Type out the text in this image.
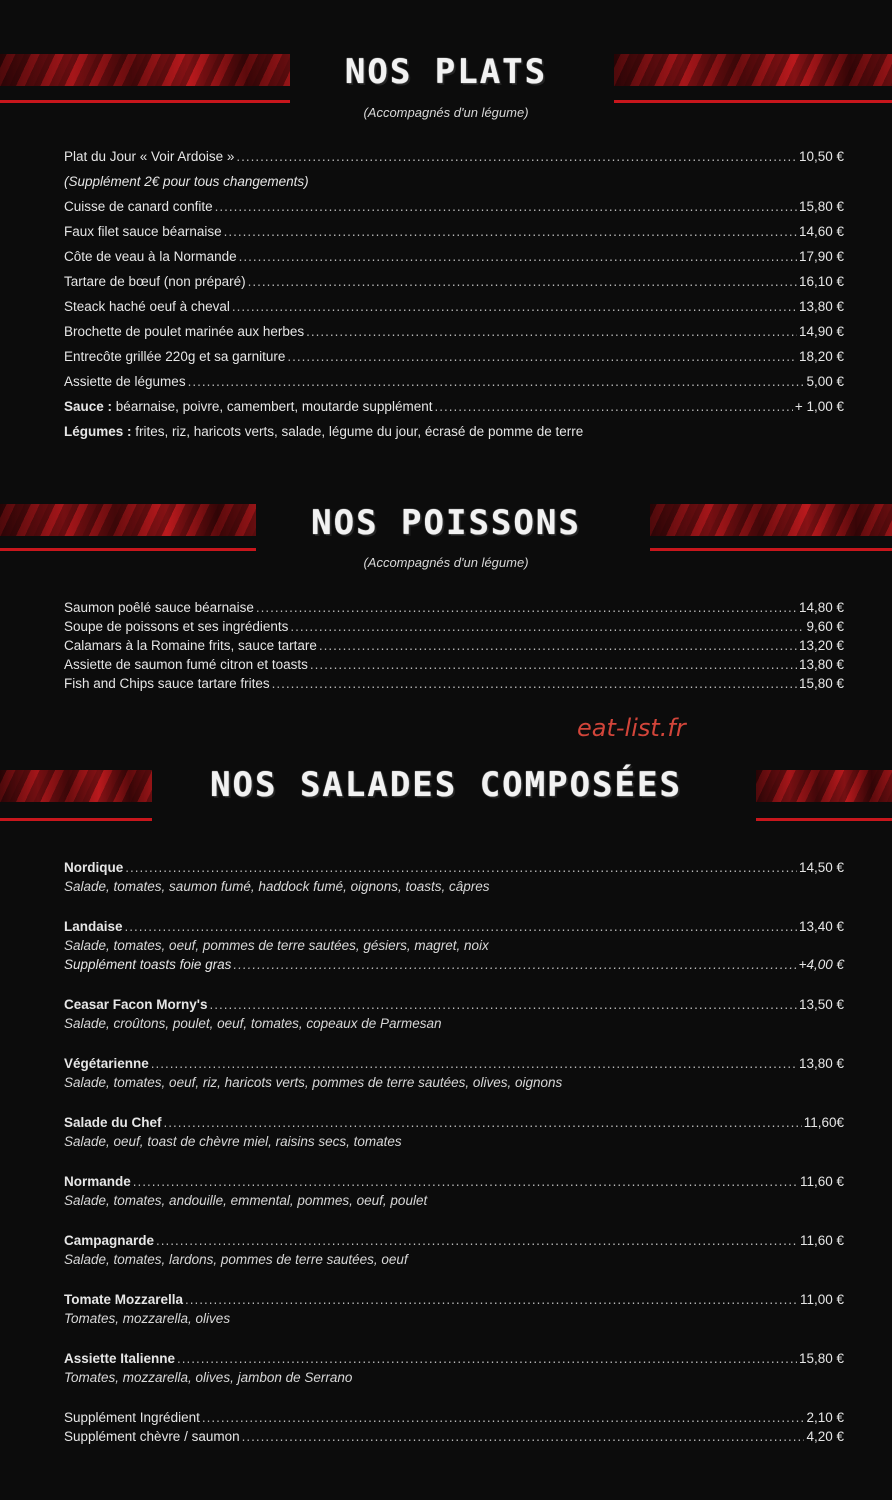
NOS PLATS
(Accompagnés d'un légume)
Plat du Jour « Voir Ardoise » .....	10,50 €
(Supplément 2€ pour tous changements)
Cuisse de canard confite .....	15,80 €
Faux filet sauce béarnaise .....	14,60 €
Côte de veau à la Normande .....	17,90 €
Tartare de bœuf (non préparé) .....	16,10 €
Steack haché oeuf à cheval .....	13,80 €
Brochette de poulet marinée aux herbes .....	14,90 €
Entrecôte grillée 220g et sa garniture .....	18,20 €
Assiette de légumes .....	5,00 €
Sauce : béarnaise, poivre, camembert, moutarde supplément .....	+ 1,00 €
Légumes : frites, riz, haricots verts, salade, légume du jour, écrasé de pomme de terre
NOS POISSONS
(Accompagnés d'un légume)
Saumon poêlé sauce béarnaise .....	14,80 €
Soupe de poissons et ses ingrédients .....	9,60 €
Calamars à la Romaine frits, sauce tartare .....	13,20 €
Assiette de saumon fumé citron et toasts .....	13,80 €
Fish and Chips sauce tartare frites .....	15,80 €
eat-list.fr
NOS SALADES COMPOSÉES
Nordique .....	14,50 €
Salade, tomates, saumon fumé, haddock fumé, oignons, toasts, câpres
Landaise .....	13,40 €
Salade, tomates, oeuf, pommes de terre sautées, gésiers, magret, noix
Supplément toasts foie gras .....	+4,00 €
Ceasar Facon Morny's .....	13,50 €
Salade, croûtons, poulet, oeuf, tomates, copeaux de Parmesan
Végétarienne .....	13,80 €
Salade, tomates, oeuf, riz, haricots verts, pommes de terre sautées, olives, oignons
Salade du Chef .....	11,60€
Salade, oeuf, toast de chèvre miel, raisins secs, tomates
Normande .....	11,60 €
Salade, tomates, andouille, emmental, pommes, oeuf, poulet
Campagnarde .....	11,60 €
Salade, tomates, lardons, pommes de terre sautées, oeuf
Tomate Mozzarella .....	11,00 €
Tomates, mozzarella, olives
Assiette Italienne .....	15,80 €
Tomates, mozzarella, olives, jambon de Serrano
Supplément Ingrédient .....	2,10 €
Supplément chèvre / saumon .....	4,20 €
